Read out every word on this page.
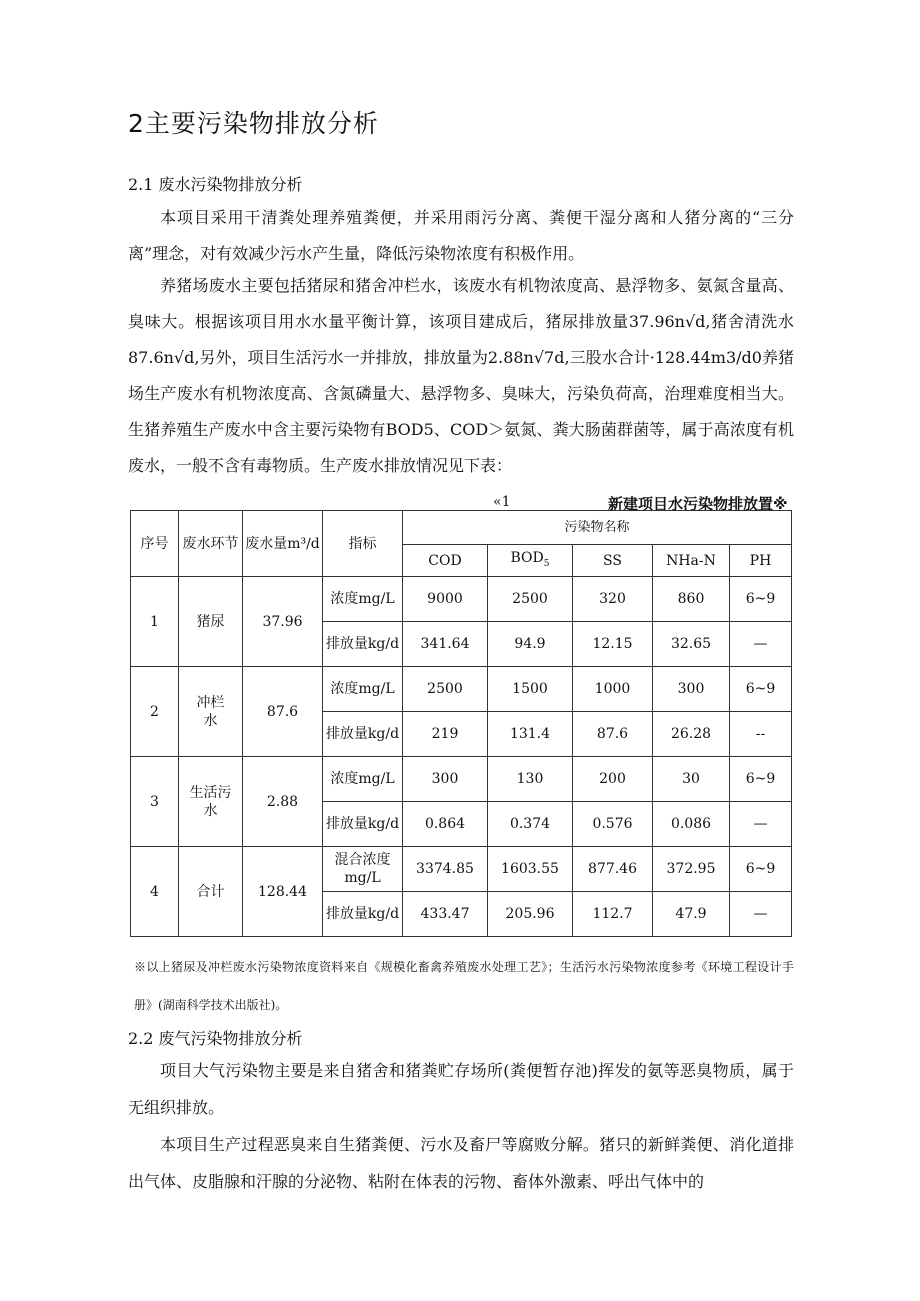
2主要污染物排放分析
2.1 废水污染物排放分析

本项目采用干清粪处理养殖粪便，并采用雨污分离、粪便干湿分离和人猪分离的“三分离”理念，对有效减少污水产生量，降低污染物浓度有积极作用。

养猪场废水主要包括猪尿和猪舍冲栏水，该废水有机物浓度高、悬浮物多、氨氮含量高、臭味大。根据该项目用水水量平衡计算，该项目建成后，猪尿排放量37.96n√d,猪舍清洗水87.6n√d,另外，项目生活污水一并排放，排放量为2.88n√7d,三股水合计·128.44m3∕d0养猪场生产废水有机物浓度高、含氮磷量大、悬浮物多、臭味大，污染负荷高，治理难度相当大。生猪养殖生产废水中含主要污染物有BOD5、COD＞氨氮、粪大肠菌群菌等，属于高浓度有机废水，一般不含有毒物质。生产废水排放情况见下表：

«1	新建项目水污染物排放置※
序号	废水环节	废水量m³∕d	指标	污染物名称				
				COD	$BOD_5$	SS	NHa-N	PH
1	猪尿	37.96	浓度mg/L	9000	2500	320	860	6~9
			排放量kg/d	341.64	94.9	12.15	32.65	—
2	冲栏水	87.6	浓度mg/L	2500	1500	1000	300	6~9
			排放量kg/d	219	131.4	87.6	26.28	--
3	生活污水	2.88	浓度mg/L	300	130	200	30	6~9
			排放量kg/d	0.864	0.374	0.576	0.086	—
4	合计	128.44	混合浓度mg/L	3374.85	1603.55	877.46	372.95	6~9
			排放量kg/d	433.47	205.96	112.7	47.9	—

※以上猪尿及冲栏废水污染物浓度资料来自《规模化畜禽养殖废水处理工艺》；生活污水污染物浓度参考《环境工程设计手册》(湖南科学技术出版社)。

2.2 废气污染物排放分析

项目大气污染物主要是来自猪舍和猪粪贮存场所(粪便暂存池)挥发的氨等恶臭物质，属于无组织排放。

本项目生产过程恶臭来自生猪粪便、污水及畜尸等腐败分解。猪只的新鲜粪便、消化道排出气体、皮脂腺和汗腺的分泌物、粘附在体表的污物、畜体外激素、呼出气体中的
